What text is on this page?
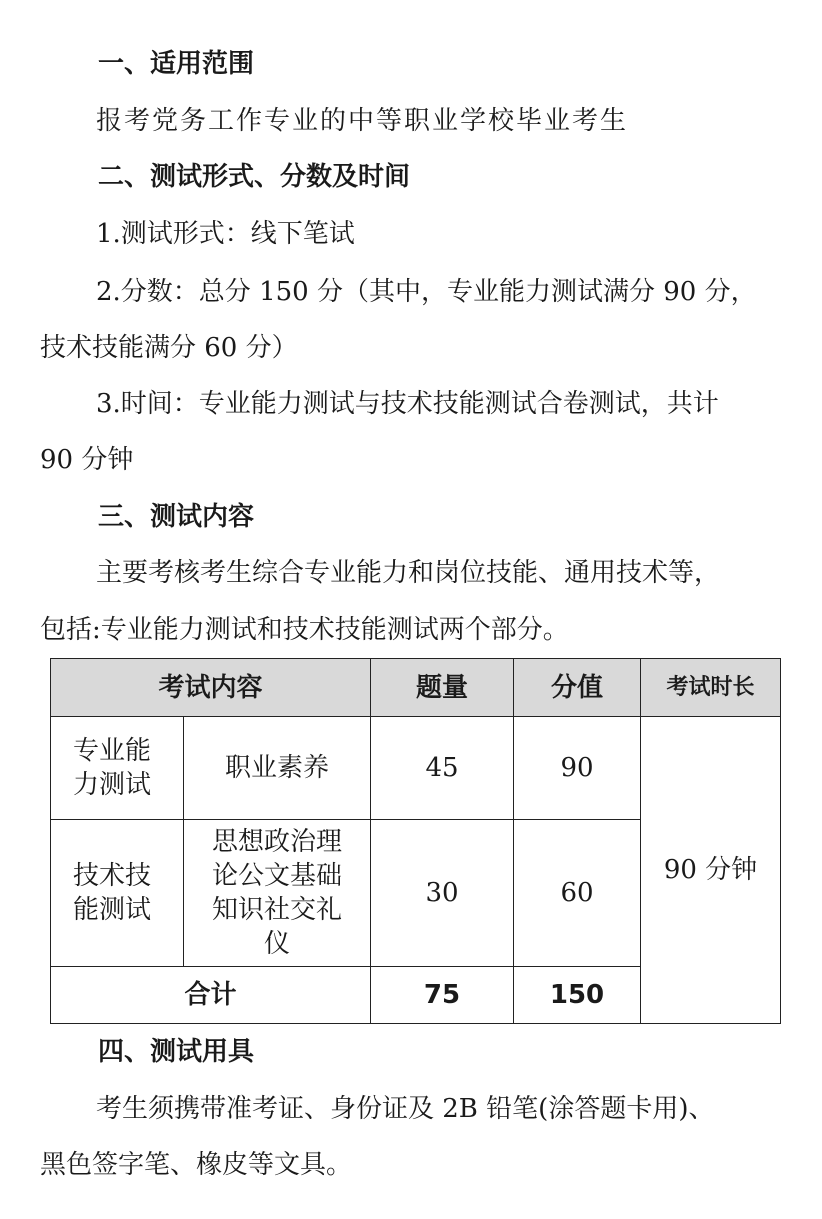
一、适用范围
报考党务工作专业的中等职业学校毕业考生
二、测试形式、分数及时间
1.测试形式：线下笔试
2.分数：总分 150 分（其中，专业能力测试满分 90 分，
技术技能满分 60 分）
3.时间：专业能力测试与技术技能测试合卷测试，共计
90 分钟
三、测试内容
主要考核考生综合专业能力和岗位技能、通用技术等，
包括:专业能力测试和技术技能测试两个部分。
考试内容		题量	分值	考试时长
专业能力测试	职业素养	45	90	90 分钟
技术技能测试	思想政治理论公文基础知识社交礼仪	30	60	
合计		75	150	
四、测试用具
考生须携带准考证、身份证及 2B 铅笔(涂答题卡用)、
黑色签字笔、橡皮等文具。
